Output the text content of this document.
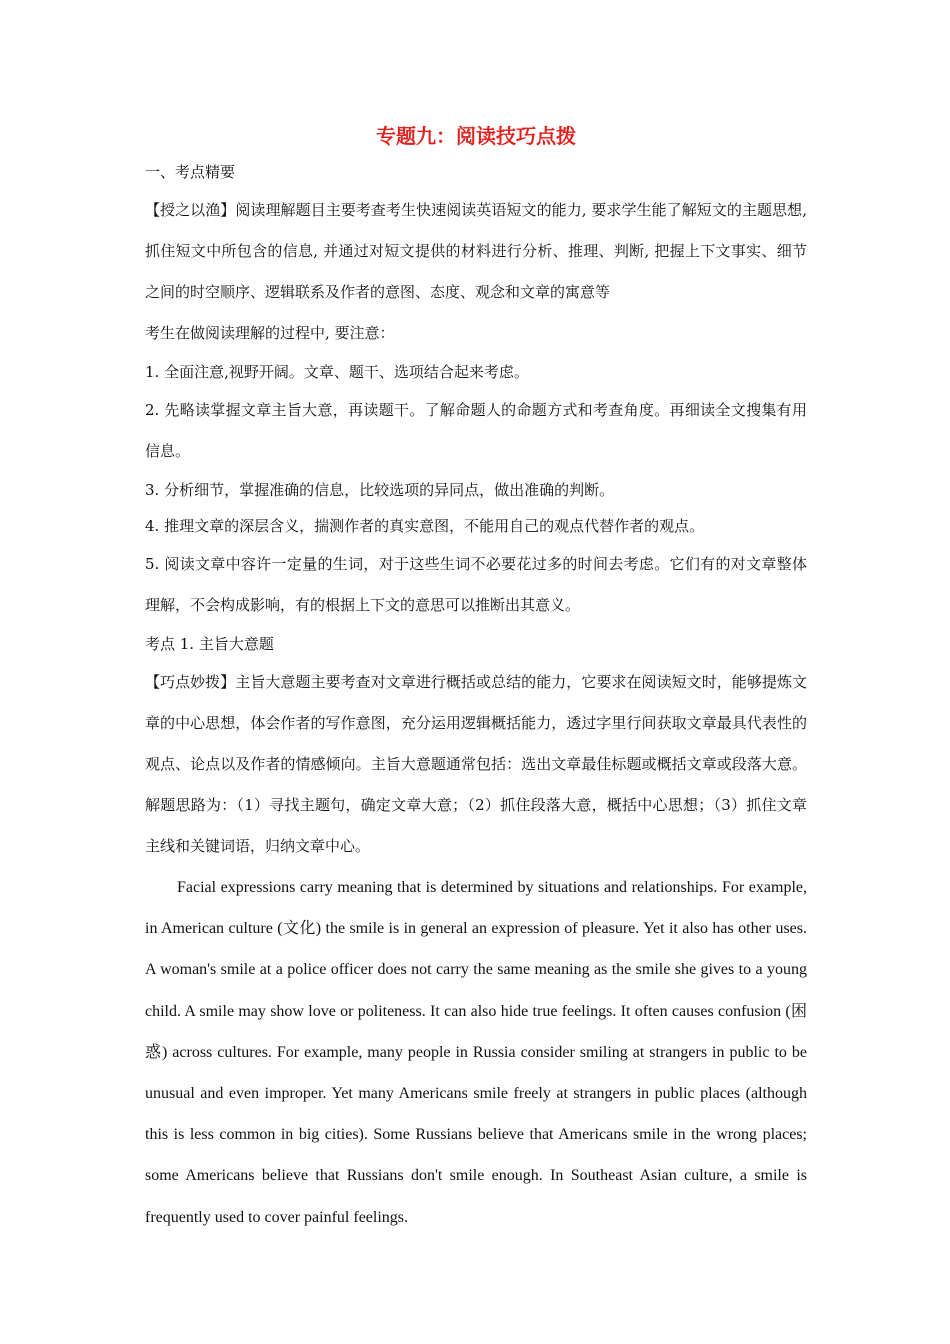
专题九：阅读技巧点拨

一、考点精要

【授之以渔】阅读理解题目主要考查考生快速阅读英语短文的能力, 要求学生能了解短文的主题思想, 抓住短文中所包含的信息, 并通过对短文提供的材料进行分析、推理、判断, 把握上下文事实、细节之间的时空顺序、逻辑联系及作者的意图、态度、观念和文章的寓意等

考生在做阅读理解的过程中, 要注意：

1. 全面注意,视野开阔。文章、题干、选项结合起来考虑。

2. 先略读掌握文章主旨大意，再读题干。了解命题人的命题方式和考查角度。再细读全文搜集有用信息。

3. 分析细节，掌握准确的信息，比较选项的异同点，做出准确的判断。

4. 推理文章的深层含义，揣测作者的真实意图，不能用自己的观点代替作者的观点。

5. 阅读文章中容许一定量的生词，对于这些生词不必要花过多的时间去考虑。它们有的对文章整体理解，不会构成影响，有的根据上下文的意思可以推断出其意义。

考点 1. 主旨大意题

【巧点妙拨】主旨大意题主要考查对文章进行概括或总结的能力，它要求在阅读短文时，能够提炼文章的中心思想，体会作者的写作意图，充分运用逻辑概括能力，透过字里行间获取文章最具代表性的观点、论点以及作者的情感倾向。主旨大意题通常包括：选出文章最佳标题或概括文章或段落大意。解题思路为：（1）寻找主题句，确定文章大意；（2）抓住段落大意，概括中心思想；（3）抓住文章主线和关键词语，归纳文章中心。

Facial expressions carry meaning that is determined by situations and relationships. For example, in American culture (文化) the smile is in general an expression of pleasure. Yet it also has other uses. A woman's smile at a police officer does not carry the same meaning as the smile she gives to a young child. A smile may show love or politeness. It can also hide true feelings. It often causes confusion (困惑) across cultures. For example, many people in Russia consider smiling at strangers in public to be unusual and even improper. Yet many Americans smile freely at strangers in public places (although this is less common in big cities). Some Russians believe that Americans smile in the wrong places; some Americans believe that Russians don't smile enough. In Southeast Asian culture, a smile is frequently used to cover painful feelings.
